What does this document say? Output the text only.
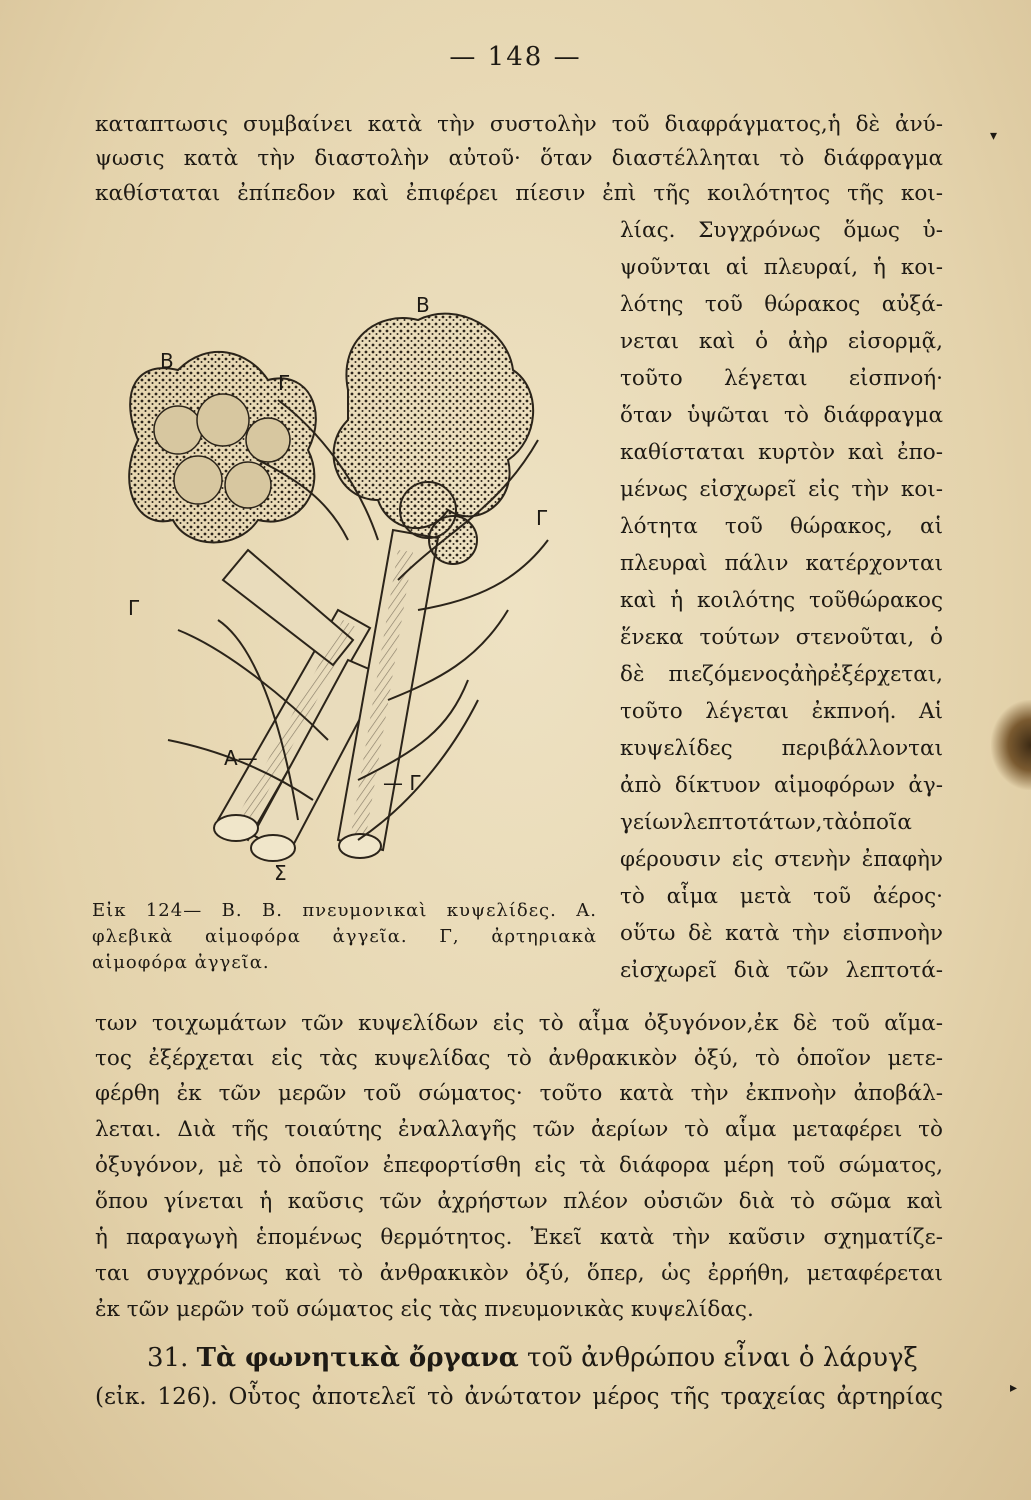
▾
▸
— 148 —
καταπτωσις συμβαίνει κατὰ τὴν συστολὴν τοῦ διαφράγματος,ἡ δὲ ἀνύ-
ψωσις κατὰ τὴν διαστολὴν αὐτοῦ· ὅταν διαστέλληται τὸ διάφραγμα
καθίσταται ἐπίπεδον καὶ ἐπιφέρει πίεσιν ἐπὶ τῆς κοιλότητος τῆς κοι-
λίας. Συγχρόνως ὅμως ὑ-
ψοῦνται αἱ πλευραί, ἡ κοι-
λότης τοῦ θώρακος αὐξά-
νεται καὶ ὁ ἀὴρ εἰσορμᾷ,
τοῦτο λέγεται εἰσπνοή·
ὅταν ὑψῶται τὸ διάφραγμα
καθίσταται κυρτὸν καὶ ἐπο-
μένως εἰσχωρεῖ εἰς τὴν κοι-
λότητα τοῦ θώρακος, αἱ
πλευραὶ πάλιν κατέρχονται
καὶ ἡ κοιλότης τοῦθώρακος
ἕνεκα τούτων στενοῦται, ὁ
δὲ πιεζόμενοςἀὴρἐξέρχεται,
τοῦτο λέγεται ἐκπνοή. Αἱ
κυψελίδες περιβάλλονται
ἀπὸ δίκτυον αἱμοφόρων ἀγ-
γείωνλεπτοτάτων,τὰὁποῖα
φέρουσιν εἰς στενὴν ἐπαφὴν
τὸ αἷμα μετὰ τοῦ ἀέρος·
οὕτω δὲ κατὰ τὴν εἰσπνοὴν
εἰσχωρεῖ διὰ τῶν λεπτοτά-
Β
Β
Γ
Γ
Γ
— Γ
Α—
Σ
Εἰκ 124— Β. Β. πνευμονικαὶ κυψελίδες. Α. φλεβικὰ αἱμοφόρα ἀγγεῖα. Γ, ἀρτηριακὰ αἱμοφόρα ἀγγεῖα.
των τοιχωμάτων τῶν κυψελίδων εἰς τὸ αἷμα ὀξυγόνον,ἐκ δὲ τοῦ αἵμα-
τος ἐξέρχεται εἰς τὰς κυψελίδας τὸ ἀνθρακικὸν ὀξύ, τὸ ὁποῖον μετε-
φέρθη ἐκ τῶν μερῶν τοῦ σώματος· τοῦτο κατὰ τὴν ἐκπνοὴν ἀποβάλ-
λεται. Διὰ τῆς τοιαύτης ἐναλλαγῆς τῶν ἀερίων τὸ αἷμα μεταφέρει τὸ
ὀξυγόνον, μὲ τὸ ὁποῖον ἐπεφορτίσθη εἰς τὰ διάφορα μέρη τοῦ σώματος,
ὅπου γίνεται ἡ καῦσις τῶν ἀχρήστων πλέον οὐσιῶν διὰ τὸ σῶμα καὶ
ἡ παραγωγὴ ἑπομένως θερμότητος. Ἐκεῖ κατὰ τὴν καῦσιν σχηματίζε-
ται συγχρόνως καὶ τὸ ἀνθρακικὸν ὀξύ, ὅπερ, ὡς ἐρρήθη, μεταφέρεται
ἐκ τῶν μερῶν τοῦ σώματος εἰς τὰς πνευμονικὰς κυψελίδας.
31. Τὰ φωνητικὰ ὄργανα τοῦ ἀνθρώπου εἶναι ὁ λάρυγξ
(εἰκ. 126). Οὗτος ἀποτελεῖ τὸ ἀνώτατον μέρος τῆς τραχείας ἀρτηρίας
